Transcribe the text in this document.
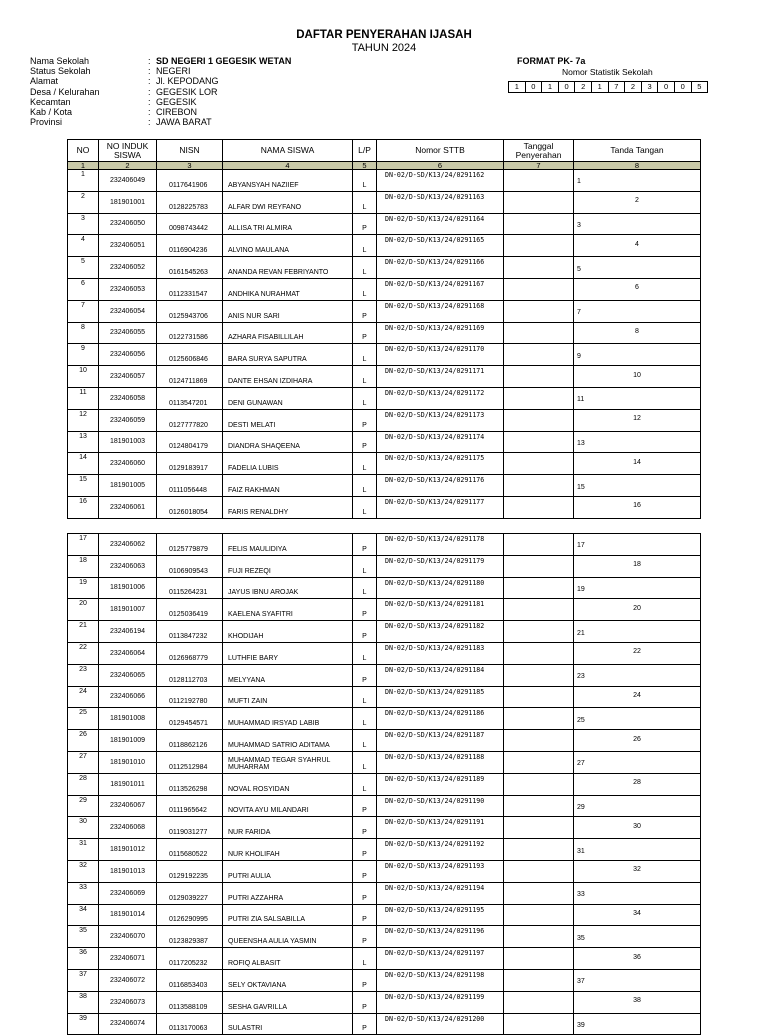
DAFTAR PENYERAHAN IJASAH
TAHUN 2024
Nama Sekolah	: SD NEGERI 1 GEGESIK WETAN
Status Sekolah	: NEGERI
Alamat	: Jl. KEPODANG
Desa / Kelurahan	: GEGESIK LOR
Kecamtan	: GEGESIK
Kab / Kota	: CIREBON
Provinsi	: JAWA BARAT
FORMAT PK- 7a
Nomor Statistik Sekolah
1	0	1	0	2	1	7	2	3	0	0	5
NO	NO INDUK SISWA	NISN	NAMA SISWA	L/P	Nomor STTB	Tanggal Penyerahan	Tanda Tangan
1	2	3	4	5	6	7	8
1	232406049	0117641906	ABYANSYAH NAZIIEF	L	DN-02/D-SD/K13/24/0291162		1
2	181901001	0128225783	ALFAR DWI REYFANO	L	DN-02/D-SD/K13/24/0291163		2
3	232406050	0098743442	ALLISA TRI ALMIRA	P	DN-02/D-SD/K13/24/0291164		3
4	232406051	0116904236	ALVINO MAULANA	L	DN-02/D-SD/K13/24/0291165		4
5	232406052	0161545263	ANANDA REVAN FEBRIYANTO	L	DN-02/D-SD/K13/24/0291166		5
6	232406053	0112331547	ANDHIKA NURAHMAT	L	DN-02/D-SD/K13/24/0291167		6
7	232406054	0125943706	ANIS NUR SARI	P	DN-02/D-SD/K13/24/0291168		7
8	232406055	0122731586	AZHARA FISABILLILAH	P	DN-02/D-SD/K13/24/0291169		8
9	232406056	0125606846	BARA SURYA SAPUTRA	L	DN-02/D-SD/K13/24/0291170		9
10	232406057	0124711869	DANTE EHSAN IZDIHARA	L	DN-02/D-SD/K13/24/0291171		10
11	232406058	0113547201	DENI GUNAWAN	L	DN-02/D-SD/K13/24/0291172		11
12	232406059	0127777820	DESTI MELATI	P	DN-02/D-SD/K13/24/0291173		12
13	181901003	0124804179	DIANDRA SHAQEENA	P	DN-02/D-SD/K13/24/0291174		13
14	232406060	0129183917	FADELIA LUBIS	L	DN-02/D-SD/K13/24/0291175		14
15	181901005	0111056448	FAIZ RAKHMAN	L	DN-02/D-SD/K13/24/0291176		15
16	232406061	0126018054	FARIS RENALDHY	L	DN-02/D-SD/K13/24/0291177		16
17	232406062	0125779879	FELIS MAULIDIYA	P	DN-02/D-SD/K13/24/0291178		17
18	232406063	0106909543	FUJI REZEQI	L	DN-02/D-SD/K13/24/0291179		18
19	181901006	0115264231	JAYUS IBNU AROJAK	L	DN-02/D-SD/K13/24/0291180		19
20	181901007	0125036419	KAELENA SYAFITRI	P	DN-02/D-SD/K13/24/0291181		20
21	232406194	0113847232	KHODIJAH	P	DN-02/D-SD/K13/24/0291182		21
22	232406064	0126968779	LUTHFIE BARY	L	DN-02/D-SD/K13/24/0291183		22
23	232406065	0128112703	MELYYANA	P	DN-02/D-SD/K13/24/0291184		23
24	232406066	0112192780	MUFTI ZAIN	L	DN-02/D-SD/K13/24/0291185		24
25	181901008	0129454571	MUHAMMAD IRSYAD LABIB	L	DN-02/D-SD/K13/24/0291186		25
26	181901009	0118862126	MUHAMMAD SATRIO ADITAMA	L	DN-02/D-SD/K13/24/0291187		26
27	181901010	0112512984	MUHAMMAD TEGAR SYAHRUL MUHARRAM	L	DN-02/D-SD/K13/24/0291188		27
28	181901011	0113526298	NOVAL ROSYIDAN	L	DN-02/D-SD/K13/24/0291189		28
29	232406067	0111965642	NOVITA AYU MILANDARI	P	DN-02/D-SD/K13/24/0291190		29
30	232406068	0119031277	NUR FARIDA	P	DN-02/D-SD/K13/24/0291191		30
31	181901012	0115680522	NUR KHOLIFAH	P	DN-02/D-SD/K13/24/0291192		31
32	181901013	0129192235	PUTRI AULIA	P	DN-02/D-SD/K13/24/0291193		32
33	232406069	0129039227	PUTRI AZZAHRA	P	DN-02/D-SD/K13/24/0291194		33
34	181901014	0126290995	PUTRI ZIA SALSABILLA	P	DN-02/D-SD/K13/24/0291195		34
35	232406070	0123829387	QUEENSHA AULIA YASMIN	P	DN-02/D-SD/K13/24/0291196		35
36	232406071	0117205232	ROFIQ ALBASIT	L	DN-02/D-SD/K13/24/0291197		36
37	232406072	0116853403	SELY OKTAVIANA	P	DN-02/D-SD/K13/24/0291198		37
38	232406073	0113588109	SESHA GAVRILLA	P	DN-02/D-SD/K13/24/0291199		38
39	232406074	0113170063	SULASTRI	P	DN-02/D-SD/K13/24/0291200		39
